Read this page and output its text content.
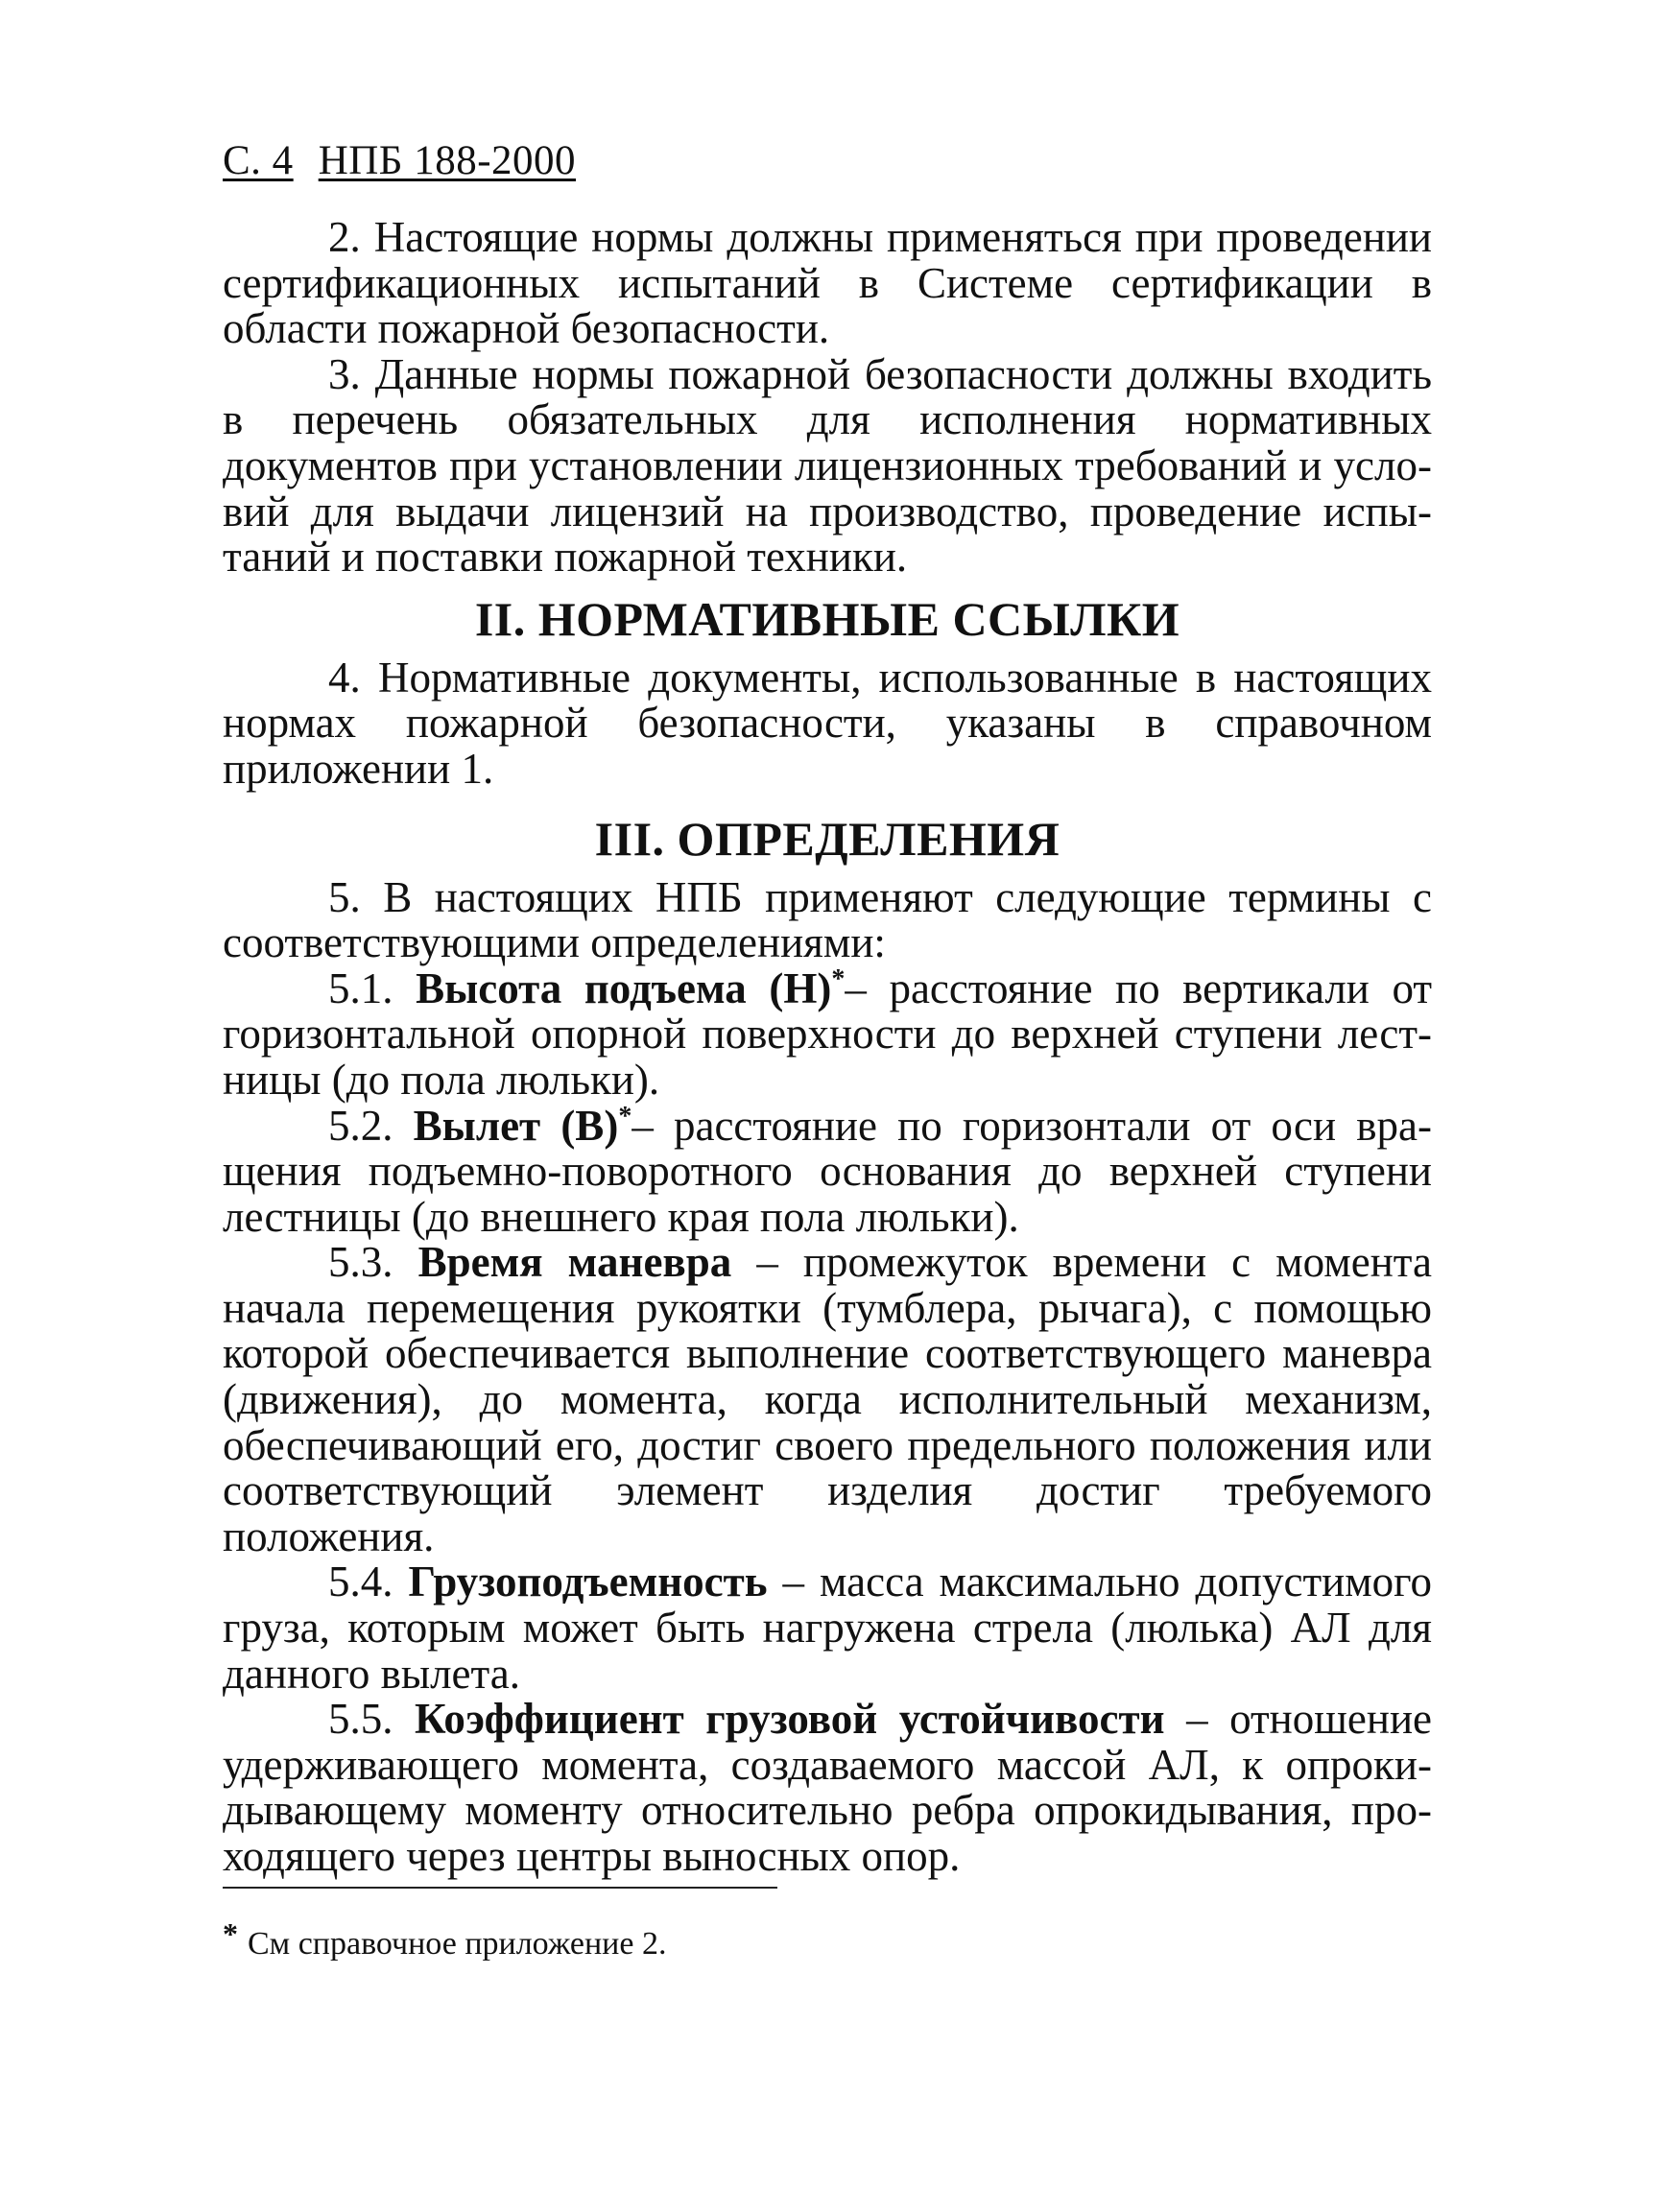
С. 4 НПБ 188-2000

2. Настоящие нормы должны применяться при проведении сертификационных испытаний в Системе сертификации в области пожарной безопасности.

3. Данные нормы пожарной безопасности должны входить в перечень обязательных для исполнения нормативных документов при установлении лицензионных требований и условий для выдачи лицензий на производство, проведение испытаний и поставки пожарной техники.

II. НОРМАТИВНЫЕ ССЫЛКИ

4. Нормативные документы, использованные в настоящих нормах пожарной безопасности, указаны в справочном приложении 1.

III. ОПРЕДЕЛЕНИЯ

5. В настоящих НПБ применяют следующие термины с соответствующими определениями:

5.1. Высота подъема (Н)*– расстояние по вертикали от горизонтальной опорной поверхности до верхней ступени лестницы (до пола люльки).

5.2. Вылет (В)*– расстояние по горизонтали от оси вращения подъемно-поворотного основания до верхней ступени лестницы (до внешнего края пола люльки).

5.3. Время маневра – промежуток времени с момента начала перемещения рукоятки (тумблера, рычага), с помощью которой обеспечивается выполнение соответствующего маневра (движения), до момента, когда исполнительный механизм, обеспечивающий его, достиг своего предельного положения или соответствующий элемент изделия достиг требуемого положения.

5.4. Грузоподъемность – масса максимально допустимого груза, которым может быть нагружена стрела (люлька) АЛ для данного вылета.

5.5. Коэффициент грузовой устойчивости – отношение удерживающего момента, создаваемого массой АЛ, к опрокидывающему моменту относительно ребра опрокидывания, проходящего через центры выносных опор.

* См справочное приложение 2.
